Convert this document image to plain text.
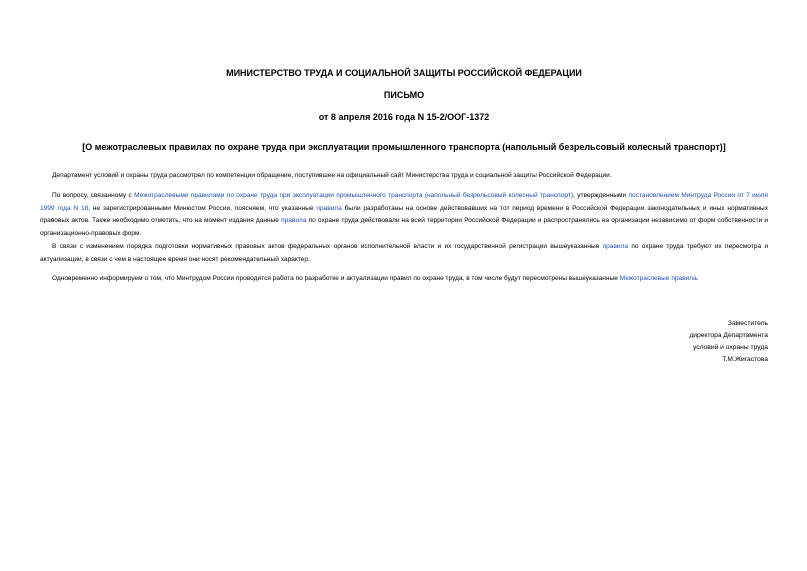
МИНИСТЕРСТВО ТРУДА И СОЦИАЛЬНОЙ ЗАЩИТЫ РОССИЙСКОЙ ФЕДЕРАЦИИ
ПИСЬМО
от 8 апреля 2016 года N 15-2/ООГ-1372
[О межотраслевых правилах по охране труда при эксплуатации промышленного транспорта (напольный безрельсовый колесный транспорт)]

Департамент условий и охраны труда рассмотрел по компетенции обращение, поступившее на официальный сайт Министерства труда и социальной защиты Российской Федерации.

По вопросу, связанному с Межотраслевыми правилами по охране труда при эксплуатации промышленного транспорта (напольный безрельсовый колесный транспорт), утвержденными постановлением Минтруда России от 7 июля 1999 года N 18, не зарегистрированными Минюстом России, поясняем, что указанные правила были разработаны на основе действовавших на тот период времени в Российской Федерации законодательных и иных нормативных правовых актов. Также необходимо отметить, что на момент издания данные правила по охране труда действовали на всей территории Российской Федерации и распространялись на организации независимо от форм собственности и организационно-правовых форм.

В связи с изменением порядка подготовки нормативных правовых актов федеральных органов исполнительной власти и их государственной регистрации вышеуказанные правила по охране труда требуют их пересмотра и актуализации, в связи с чем в настоящее время они носят рекомендательный характер.

Одновременно информируем о том, что Минтрудом России проводится работа по разработке и актуализации правил по охране труда, в том числе будут пересмотрены вышеуказанные Межотраслевые правила.

Заместитель
директора Департамента
условий и охраны труда
Т.М.Жигастова
